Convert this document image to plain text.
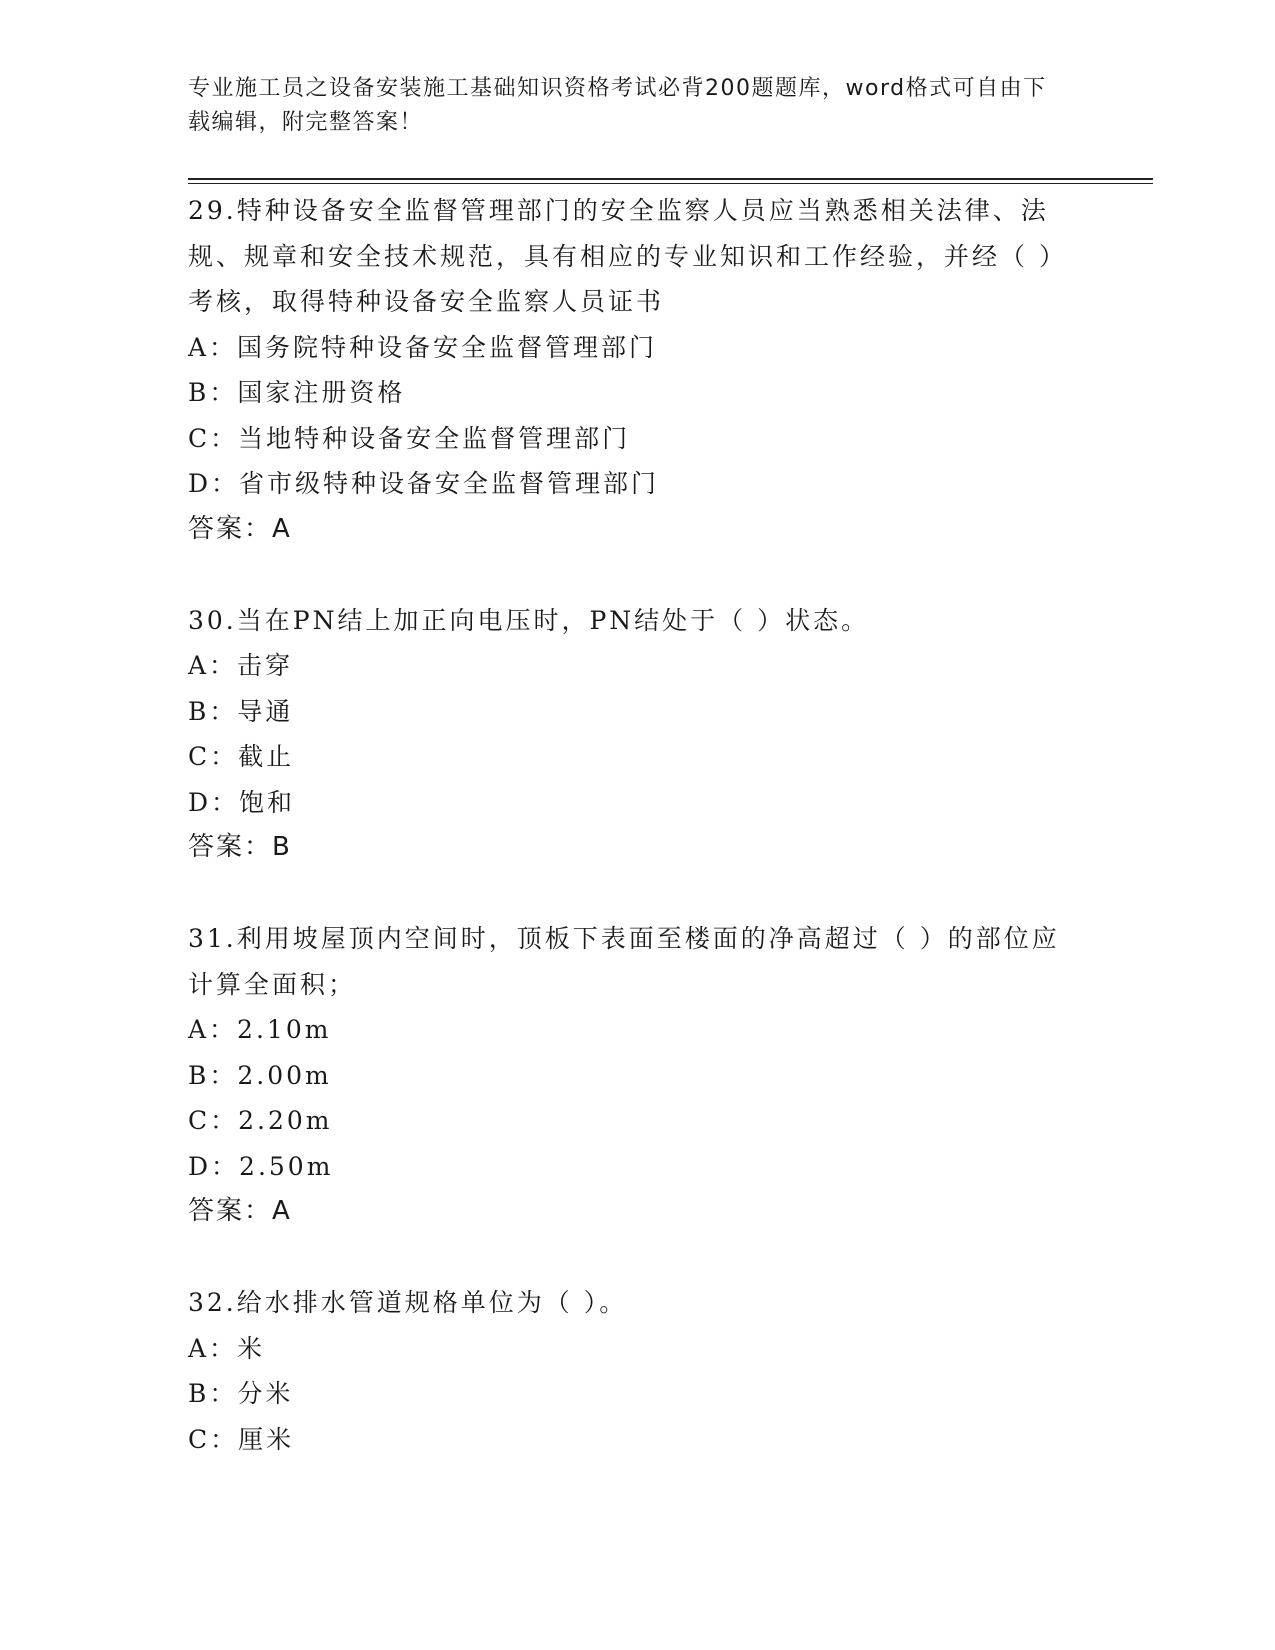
专业施工员之设备安装施工基础知识资格考试必背200题题库，word格式可自由下载编辑，附完整答案！

29.特种设备安全监督管理部门的安全监察人员应当熟悉相关法律、法规、规章和安全技术规范，具有相应的专业知识和工作经验，并经（ ）考核，取得特种设备安全监察人员证书

A：国务院特种设备安全监督管理部门

B：国家注册资格

C：当地特种设备安全监督管理部门

D：省市级特种设备安全监督管理部门

答案：A

30.当在PN结上加正向电压时，PN结处于（ ）状态。

A：击穿

B：导通

C：截止

D：饱和

答案：B

31.利用坡屋顶内空间时，顶板下表面至楼面的净高超过（ ）的部位应计算全面积；

A：2.10m

B：2.00m

C：2.20m

D：2.50m

答案：A

32.给水排水管道规格单位为（ ）。

A：米

B：分米

C：厘米
